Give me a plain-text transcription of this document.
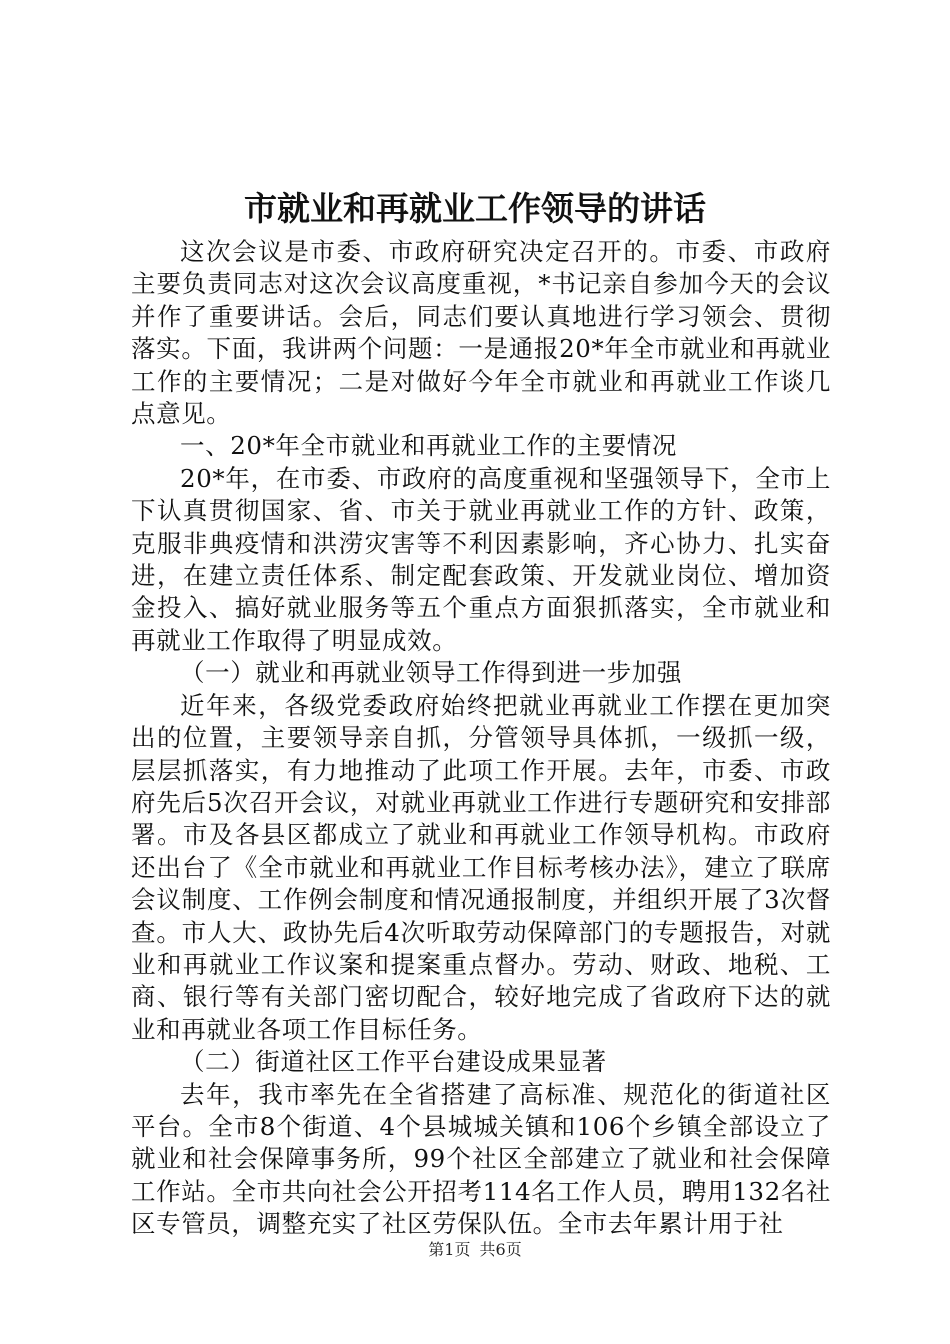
市就业和再就业工作领导的讲话

这次会议是市委、市政府研究决定召开的。市委、市政府主要负责同志对这次会议高度重视，*书记亲自参加今天的会议并作了重要讲话。会后，同志们要认真地进行学习领会、贯彻落实。下面，我讲两个问题：一是通报20*年全市就业和再就业工作的主要情况；二是对做好今年全市就业和再就业工作谈几点意见。

一、20*年全市就业和再就业工作的主要情况

20*年，在市委、市政府的高度重视和坚强领导下，全市上下认真贯彻国家、省、市关于就业再就业工作的方针、政策，克服非典疫情和洪涝灾害等不利因素影响，齐心协力、扎实奋进，在建立责任体系、制定配套政策、开发就业岗位、增加资金投入、搞好就业服务等五个重点方面狠抓落实，全市就业和再就业工作取得了明显成效。

（一）就业和再就业领导工作得到进一步加强

近年来，各级党委政府始终把就业再就业工作摆在更加突出的位置，主要领导亲自抓，分管领导具体抓，一级抓一级，层层抓落实，有力地推动了此项工作开展。去年，市委、市政府先后5次召开会议，对就业再就业工作进行专题研究和安排部署。市及各县区都成立了就业和再就业工作领导机构。市政府还出台了《全市就业和再就业工作目标考核办法》，建立了联席会议制度、工作例会制度和情况通报制度，并组织开展了3次督查。市人大、政协先后4次听取劳动保障部门的专题报告，对就业和再就业工作议案和提案重点督办。劳动、财政、地税、工商、银行等有关部门密切配合，较好地完成了省政府下达的就业和再就业各项工作目标任务。

（二）街道社区工作平台建设成果显著

去年，我市率先在全省搭建了高标准、规范化的街道社区平台。全市8个街道、4个县城城关镇和106个乡镇全部设立了就业和社会保障事务所，99个社区全部建立了就业和社会保障工作站。全市共向社会公开招考114名工作人员，聘用132名社区专管员，调整充实了社区劳保队伍。全市去年累计用于社

第1页 共6页
